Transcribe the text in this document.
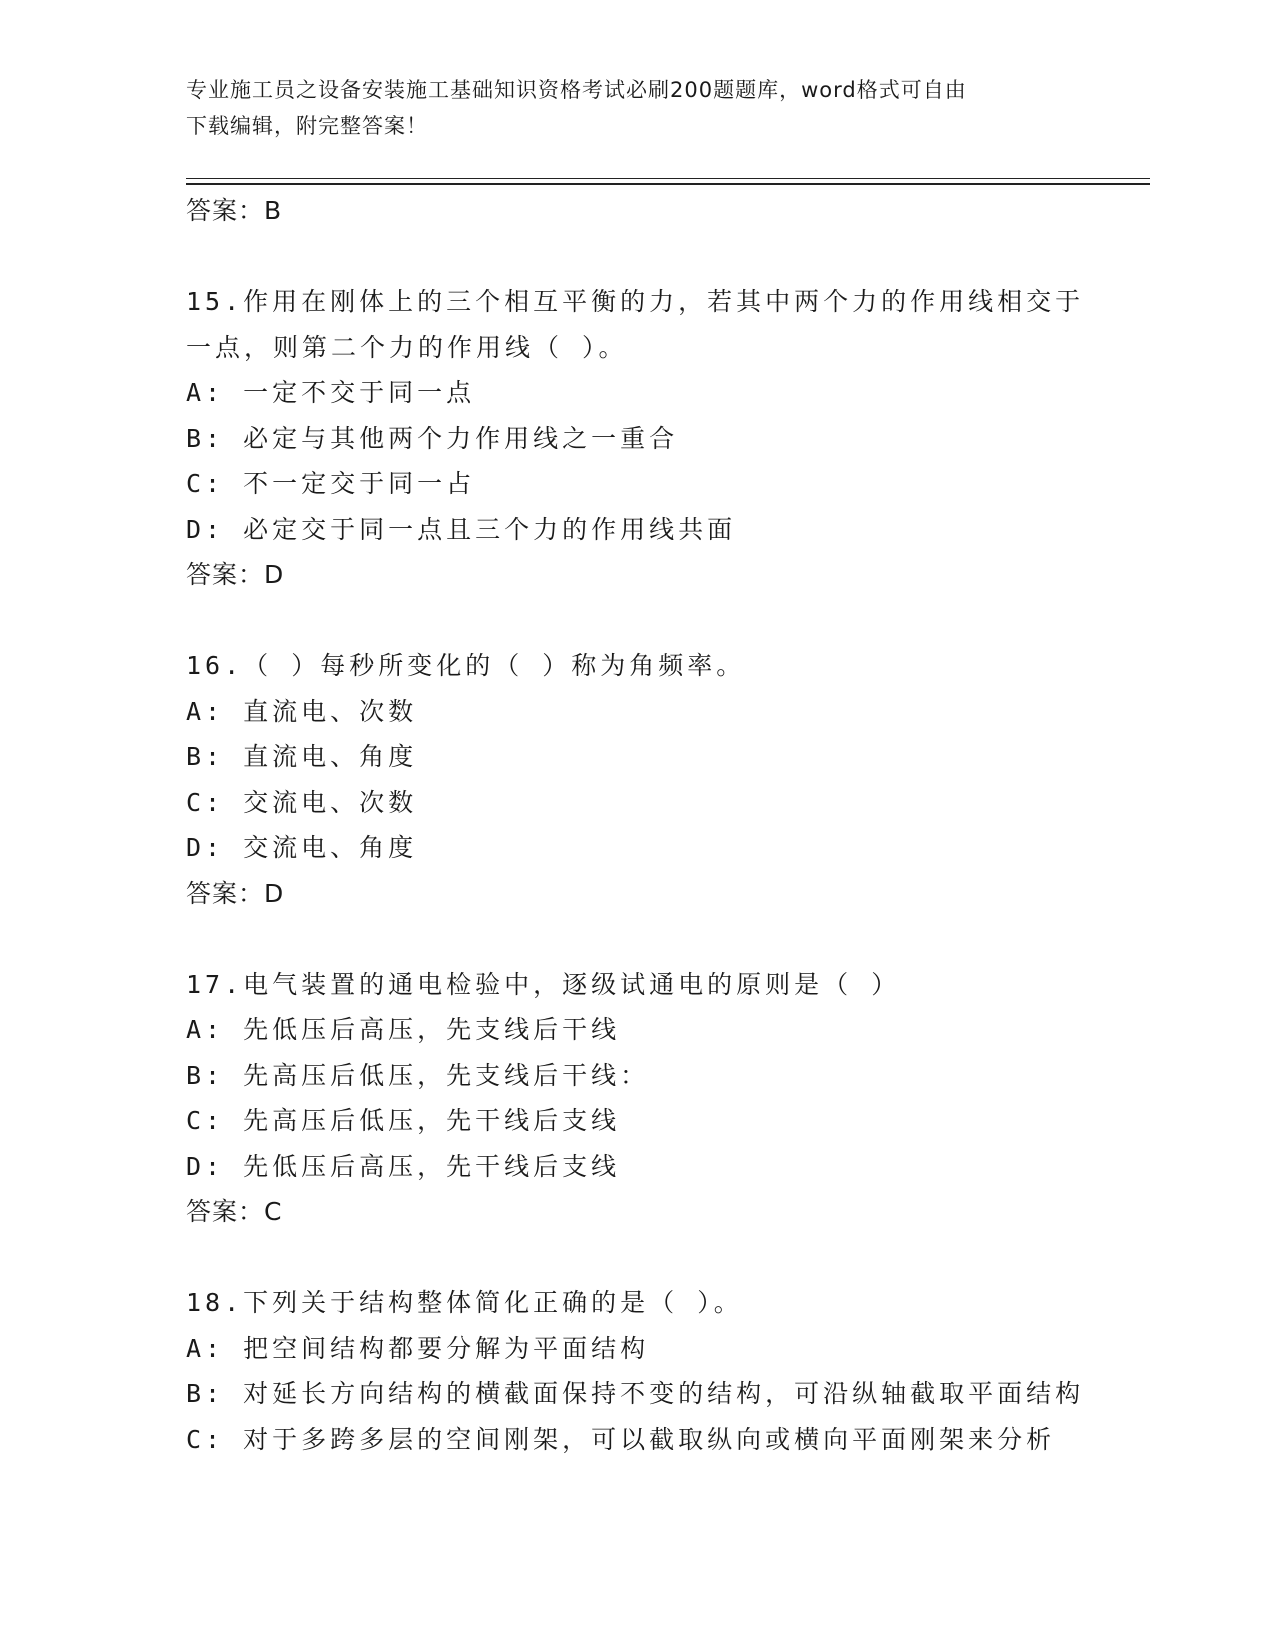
专业施工员之设备安装施工基础知识资格考试必刷200题题库，word格式可自由
下载编辑，附完整答案！
答案：B
15.作用在刚体上的三个相互平衡的力，若其中两个力的作用线相交于
一点，则第二个力的作用线（ ）。
A: 一定不交于同一点
B: 必定与其他两个力作用线之一重合
C: 不一定交于同一占
D: 必定交于同一点且三个力的作用线共面
答案：D
16.（ ）每秒所变化的（ ）称为角频率。
A: 直流电、次数
B: 直流电、角度
C: 交流电、次数
D: 交流电、角度
答案：D
17.电气装置的通电检验中，逐级试通电的原则是（ ）
A: 先低压后高压，先支线后干线
B: 先高压后低压，先支线后干线：
C: 先高压后低压，先干线后支线
D: 先低压后高压，先干线后支线
答案：C
18.下列关于结构整体简化正确的是（ ）。
A: 把空间结构都要分解为平面结构
B: 对延长方向结构的横截面保持不变的结构，可沿纵轴截取平面结构
C: 对于多跨多层的空间刚架，可以截取纵向或横向平面刚架来分析
